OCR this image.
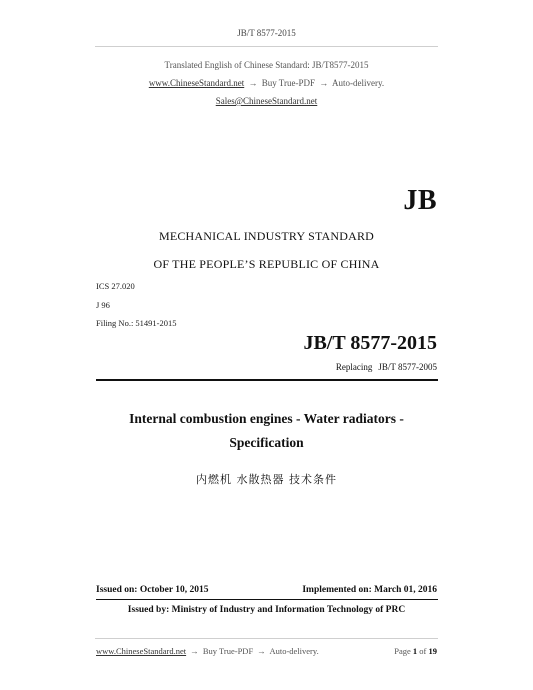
JB/T 8577-2015
Translated English of Chinese Standard: JB/T8577-2015
www.ChineseStandard.net → Buy True-PDF → Auto-delivery.
Sales@ChineseStandard.net
JB
MECHANICAL INDUSTRY STANDARD
OF THE PEOPLE’S REPUBLIC OF CHINA
ICS 27.020
J 96
Filing No.: 51491-2015
JB/T 8577-2015
Replacing JB/T 8577-2005
Internal combustion engines - Water radiators -
Specification
内燃机 水散热器 技术条件
Issued on: October 10, 2015	Implemented on: March 01, 2016
Issued by: Ministry of Industry and Information Technology of PRC
www.ChineseStandard.net → Buy True-PDF → Auto-delivery.	Page 1 of 19
